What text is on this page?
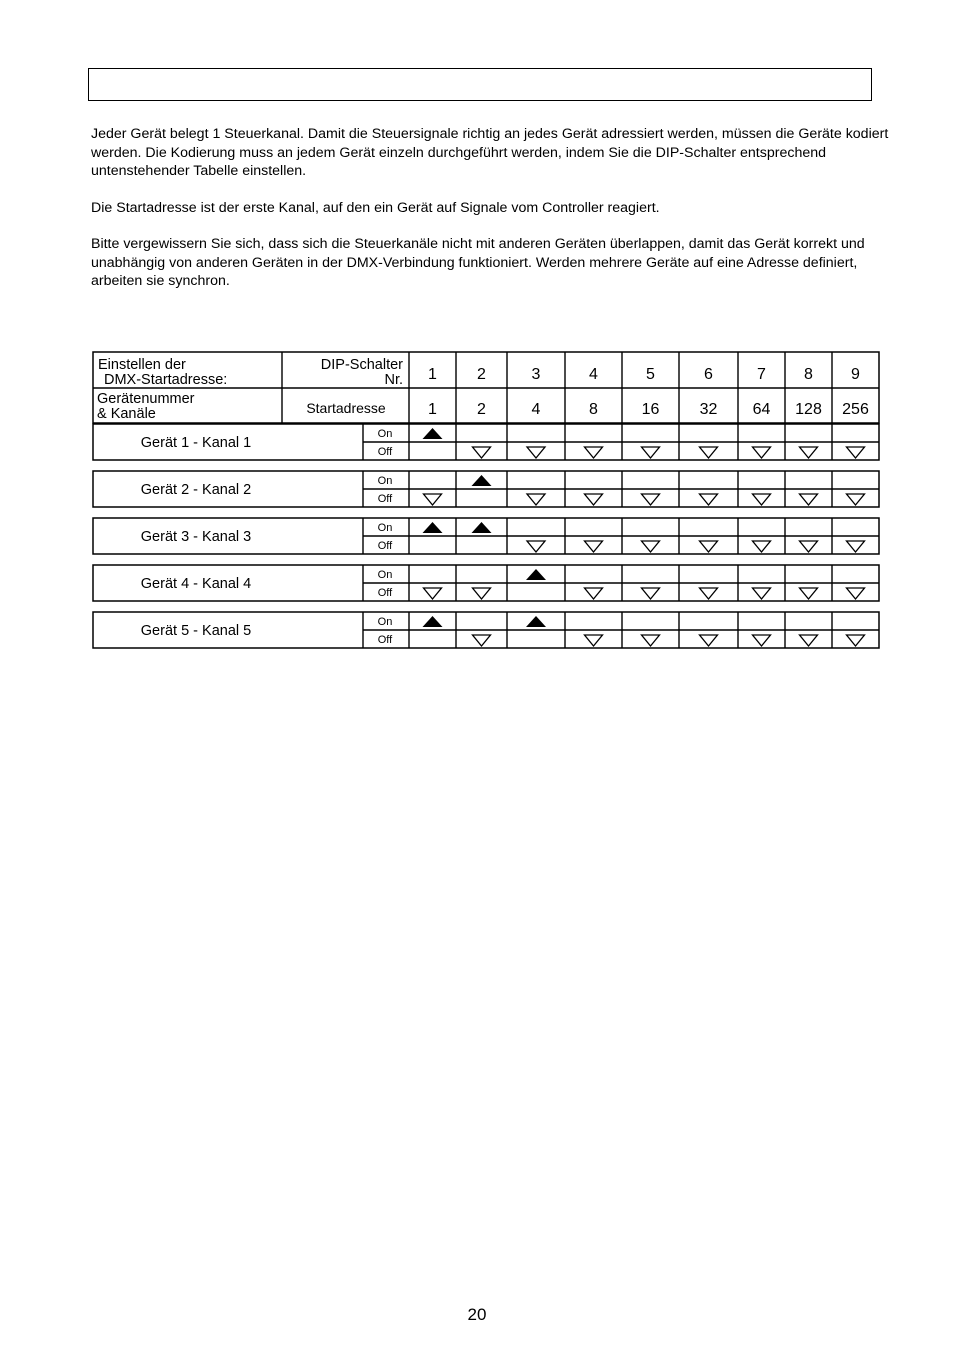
Jeder Gerät belegt 1 Steuerkanal. Damit die Steuersignale richtig an jedes Gerät adressiert werden, müssen die Geräte kodiert werden. Die Kodierung muss an jedem Gerät einzeln durchgeführt werden, indem Sie die DIP-Schalter entsprechend untenstehender Tabelle einstellen.

Die Startadresse ist der erste Kanal, auf den ein Gerät auf Signale vom Controller reagiert.

Bitte vergewissern Sie sich, dass sich die Steuerkanäle nicht mit anderen Geräten überlappen, damit das Gerät korrekt und unabhängig von anderen Geräten in der DMX-Verbindung funktioniert. Werden mehrere Geräte auf eine Adresse definiert, arbeiten sie synchron.

Einstellen der
DMX-Startadresse:
DIP-Schalter
Nr.
Gerätenummer
& Kanäle	Startadresse
1
1
2
2
3
4
4
8
5
16
6
32
7
64
8
128
9
256
Gerät 1 - Kanal 1
On
Off
Gerät 2 - Kanal 2
On
Off
Gerät 3 - Kanal 3
On
Off
Gerät 4 - Kanal 4
On
Off
Gerät 5 - Kanal 5
On
Off
20
